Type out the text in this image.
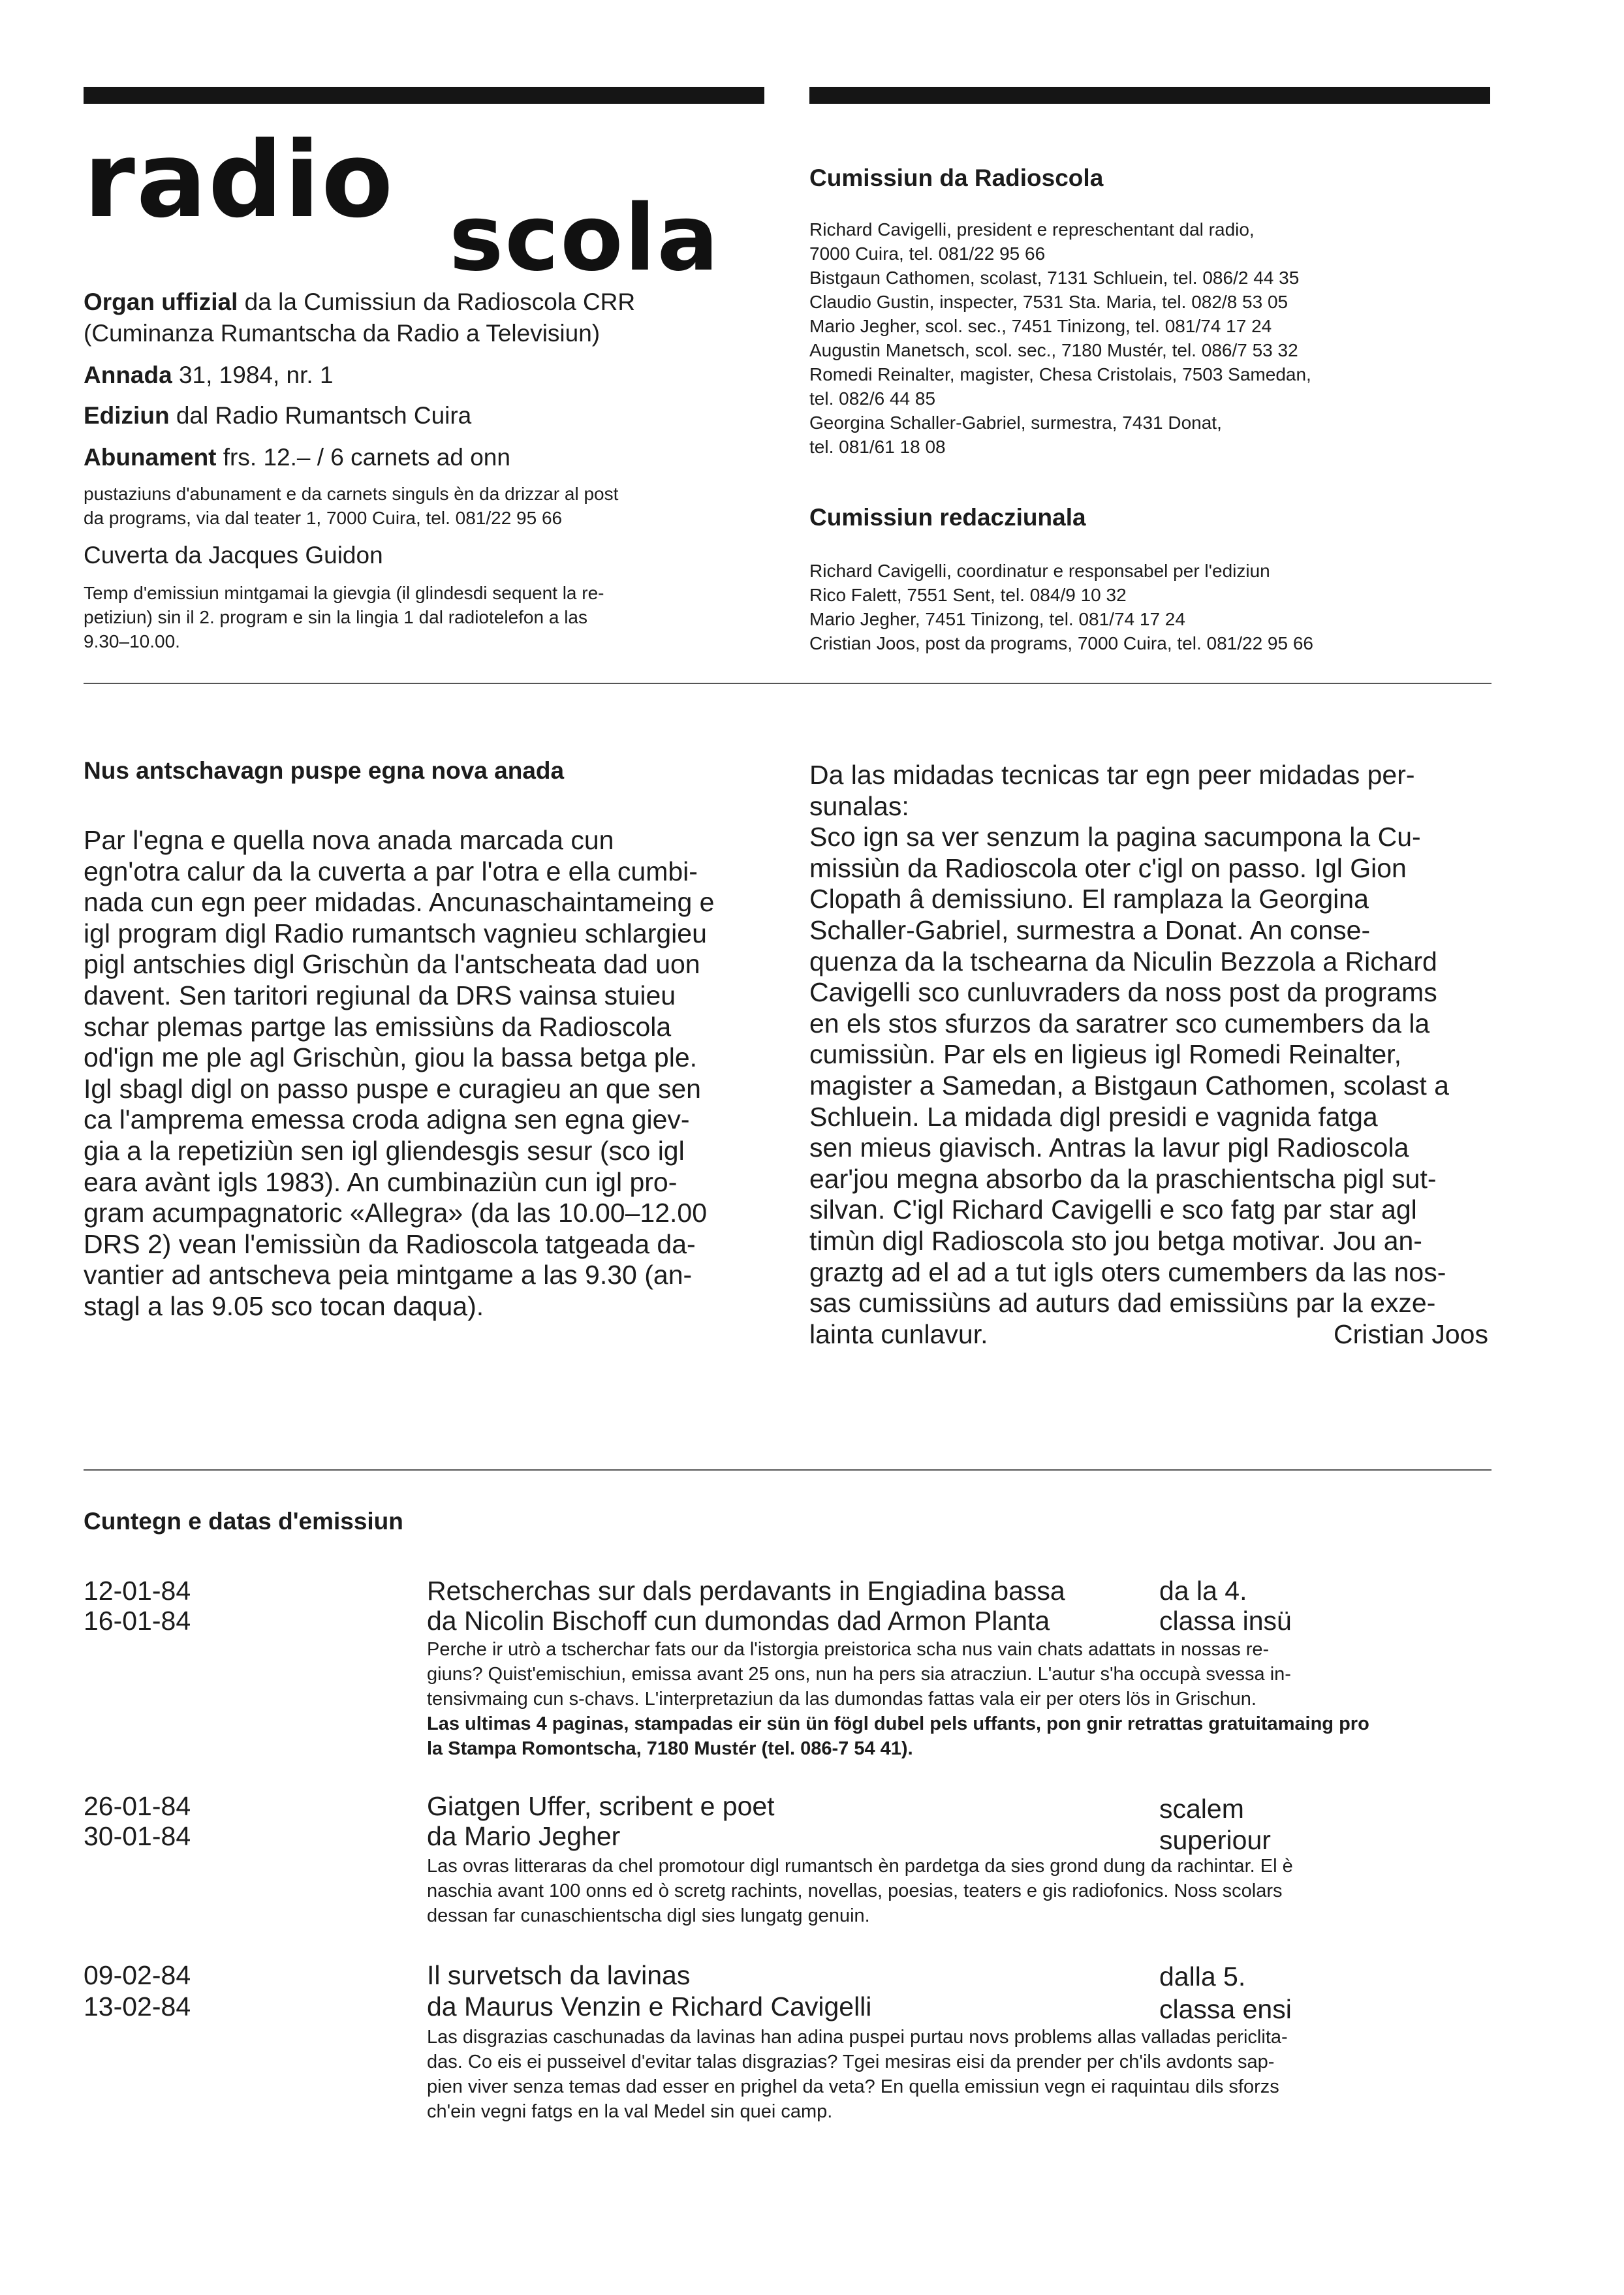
radio scola
Organ uffizial da la Cumissiun da Radioscola CRR
(Cuminanza Rumantscha da Radio a Televisiun)
Annada 31, 1984, nr. 1
Ediziun dal Radio Rumantsch Cuira
Abunament frs. 12.– / 6 carnets ad onn
pustaziuns d'abunament e da carnets singuls èn da drizzar al post
da programs, via dal teater 1, 7000 Cuira, tel. 081/22 95 66
Cuverta da Jacques Guidon
Temp d'emissiun mintgamai la gievgia (il glindesdi sequent la re-
petiziun) sin il 2. program e sin la lingia 1 dal radiotelefon a las
9.30–10.00.
Cumissiun da Radioscola
Richard Cavigelli, president e represchentant dal radio,
7000 Cuira, tel. 081/22 95 66
Bistgaun Cathomen, scolast, 7131 Schluein, tel. 086/2 44 35
Claudio Gustin, inspecter, 7531 Sta. Maria, tel. 082/8 53 05
Mario Jegher, scol. sec., 7451 Tinizong, tel. 081/74 17 24
Augustin Manetsch, scol. sec., 7180 Mustér, tel. 086/7 53 32
Romedi Reinalter, magister, Chesa Cristolais, 7503 Samedan,
tel. 082/6 44 85
Georgina Schaller-Gabriel, surmestra, 7431 Donat,
tel. 081/61 18 08
Cumissiun redacziunala
Richard Cavigelli, coordinatur e responsabel per l'ediziun
Rico Falett, 7551 Sent, tel. 084/9 10 32
Mario Jegher, 7451 Tinizong, tel. 081/74 17 24
Cristian Joos, post da programs, 7000 Cuira, tel. 081/22 95 66
Nus antschavagn puspe egna nova anada
Par l'egna e quella nova anada marcada cun
egn'otra calur da la cuverta a par l'otra e ella cumbi-
nada cun egn peer midadas. Ancunaschaintameing e
igl program digl Radio rumantsch vagnieu schlargieu
pigl antschies digl Grischùn da l'antscheata dad uon
davent. Sen taritori regiunal da DRS vainsa stuieu
schar plemas partge las emissiùns da Radioscola
od'ign me ple agl Grischùn, giou la bassa betga ple.
Igl sbagl digl on passo puspe e curagieu an que sen
ca l'amprema emessa croda adigna sen egna giev-
gia a la repetiziùn sen igl gliendesgis sesur (sco igl
eara avànt igls 1983). An cumbinaziùn cun igl pro-
gram acumpagnatoric «Allegra» (da las 10.00–12.00
DRS 2) vean l'emissiùn da Radioscola tatgeada da-
vantier ad antscheva peia mintgame a las 9.30 (an-
stagl a las 9.05 sco tocan daqua).
Da las midadas tecnicas tar egn peer midadas per-
sunalas:
Sco ign sa ver senzum la pagina sacumpona la Cu-
missiùn da Radioscola oter c'igl on passo. Igl Gion
Clopath â demissiuno. El ramplaza la Georgina
Schaller-Gabriel, surmestra a Donat. An conse-
quenza da la tschearna da Niculin Bezzola a Richard
Cavigelli sco cunluvraders da noss post da programs
en els stos sfurzos da saratrer sco cumembers da la
cumissiùn. Par els en ligieus igl Romedi Reinalter,
magister a Samedan, a Bistgaun Cathomen, scolast a
Schluein. La midada digl presidi e vagnida fatga
sen mieus giavisch. Antras la lavur pigl Radioscola
ear'jou megna absorbo da la praschientscha pigl sut-
silvan. C'igl Richard Cavigelli e sco fatg par star agl
timùn digl Radioscola sto jou betga motivar. Jou an-
graztg ad el ad a tut igls oters cumembers da las nos-
sas cumissiùns ad auturs dad emissiùns par la exze-
lainta cunlavur.	Cristian Joos
Cuntegn e datas d'emissiun
12-01-84
16-01-84
Retscherchas sur dals perdavants in Engiadina bassa
da Nicolin Bischoff cun dumondas dad Armon Planta
da la 4.
classa insü
Perche ir utrò a tscherchar fats our da l'istorgia preistorica scha nus vain chats adattats in nossas re-
giuns? Quist'emischiun, emissa avant 25 ons, nun ha pers sia atracziun. L'autur s'ha occupà svessa in-
tensivmaing cun s-chavs. L'interpretaziun da las dumondas fattas vala eir per oters lös in Grischun.
Las ultimas 4 paginas, stampadas eir sün ün fögl dubel pels uffants, pon gnir retrattas gratuitamaing pro
la Stampa Romontscha, 7180 Mustér (tel. 086-7 54 41).
26-01-84
30-01-84
Giatgen Uffer, scribent e poet
da Mario Jegher
scalem
superiour
Las ovras litteraras da chel promotour digl rumantsch èn pardetga da sies grond dung da rachintar. El è
naschia avant 100 onns ed ò scretg rachints, novellas, poesias, teaters e gis radiofonics. Noss scolars
dessan far cunaschientscha digl sies lungatg genuin.
09-02-84
13-02-84
Il survetsch da lavinas
da Maurus Venzin e Richard Cavigelli
dalla 5.
classa ensi
Las disgrazias caschunadas da lavinas han adina puspei purtau novs problems allas valladas periclita-
das. Co eis ei pusseivel d'evitar talas disgrazias? Tgei mesiras eisi da prender per ch'ils avdonts sap-
pien viver senza temas dad esser en prighel da veta? En quella emissiun vegn ei raquintau dils sforzs
ch'ein vegni fatgs en la val Medel sin quei camp.
